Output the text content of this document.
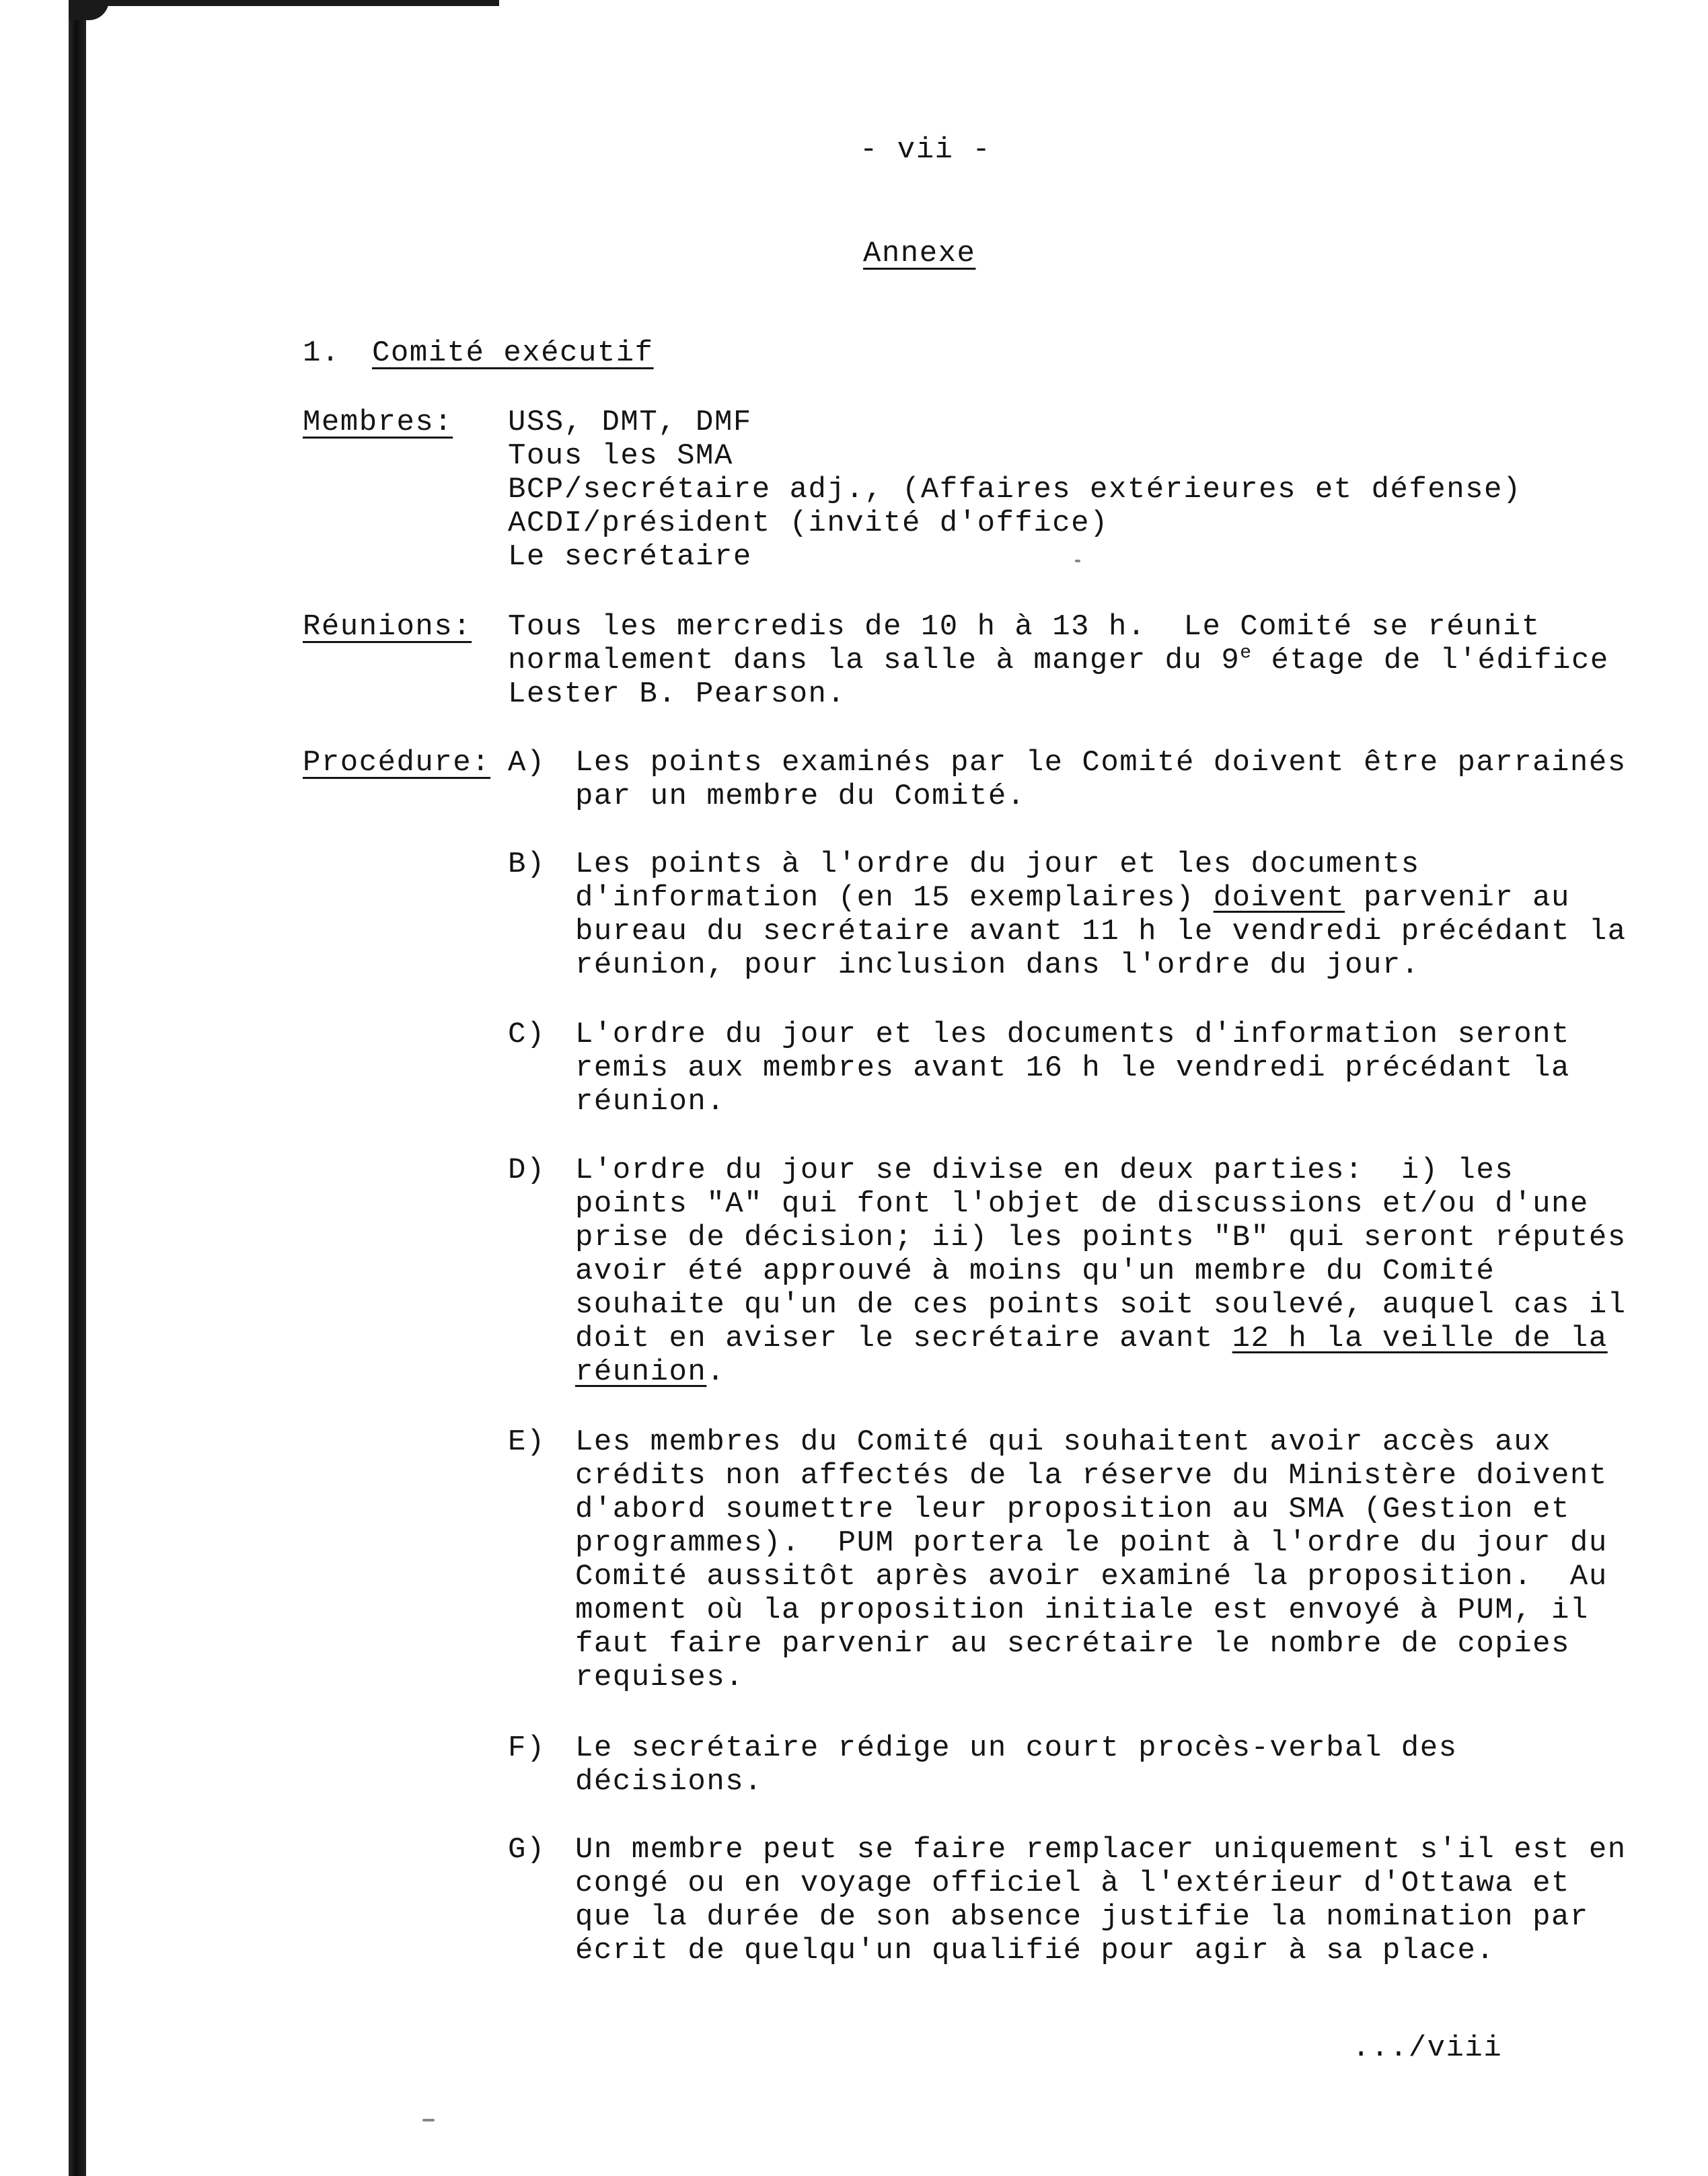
- vii -
Annexe
1. Comité exécutif
Membres: USS, DMT, DMF
Tous les SMA
BCP/secrétaire adj., (Affaires extérieures et défense)
ACDI/président (invité d'office)
Le secrétaire
Réunions: Tous les mercredis de 10 h à 13 h.  Le Comité se réunit
normalement dans la salle à manger du 9e étage de l'édifice
Lester B. Pearson.
Procédure: A) Les points examinés par le Comité doivent être parrainés
par un membre du Comité.
B) Les points à l'ordre du jour et les documents
d'information (en 15 exemplaires) doivent parvenir au
bureau du secrétaire avant 11 h le vendredi précédant la
réunion, pour inclusion dans l'ordre du jour.
C) L'ordre du jour et les documents d'information seront
remis aux membres avant 16 h le vendredi précédant la
réunion.
D) L'ordre du jour se divise en deux parties:  i) les
points "A" qui font l'objet de discussions et/ou d'une
prise de décision; ii) les points "B" qui seront réputés
avoir été approuvé à moins qu'un membre du Comité
souhaite qu'un de ces points soit soulevé, auquel cas il
doit en aviser le secrétaire avant 12 h la veille de la
réunion.
E) Les membres du Comité qui souhaitent avoir accès aux
crédits non affectés de la réserve du Ministère doivent
d'abord soumettre leur proposition au SMA (Gestion et
programmes).  PUM portera le point à l'ordre du jour du
Comité aussitôt après avoir examiné la proposition.  Au
moment où la proposition initiale est envoyé à PUM, il
faut faire parvenir au secrétaire le nombre de copies
requises.
F) Le secrétaire rédige un court procès-verbal des
décisions.
G) Un membre peut se faire remplacer uniquement s'il est en
congé ou en voyage officiel à l'extérieur d'Ottawa et
que la durée de son absence justifie la nomination par
écrit de quelqu'un qualifié pour agir à sa place.
.../viii
